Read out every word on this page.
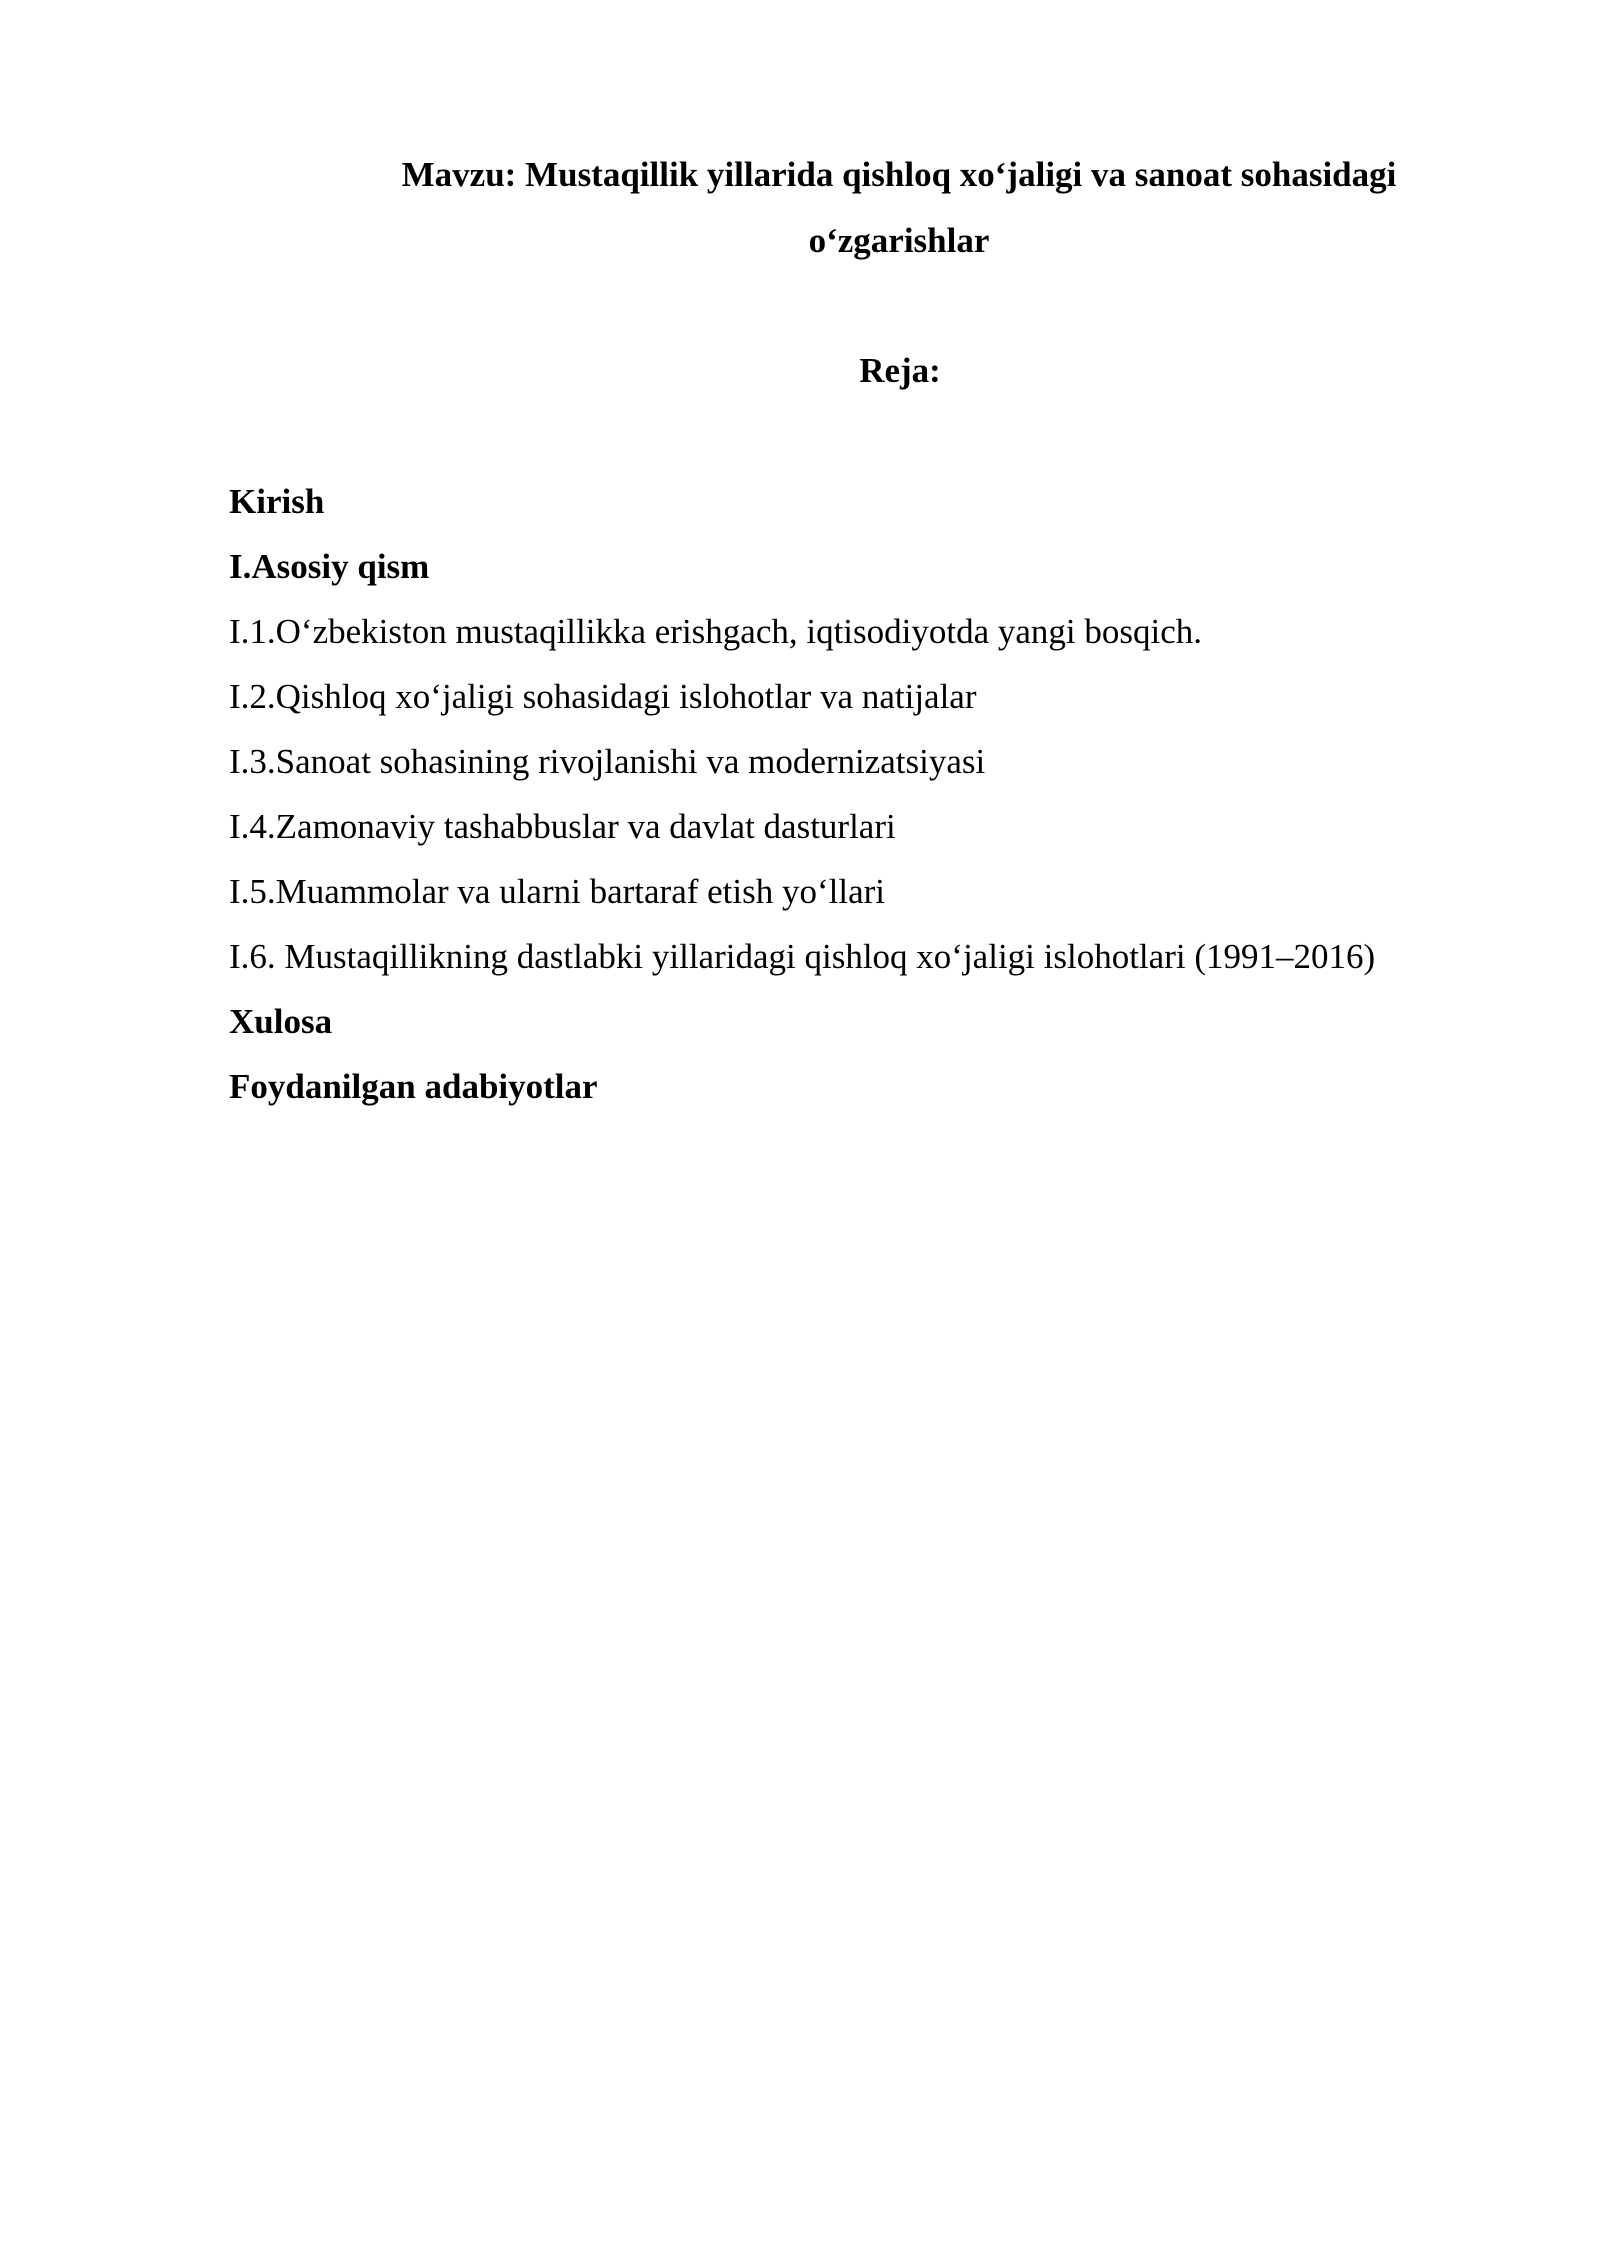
Mavzu: Mustaqillik yillarida qishloq xo‘jaligi va sanoat sohasidagi o‘zgarishlar
Reja:
Kirish
I.Asosiy qism
I.1.O‘zbekiston mustaqillikka erishgach, iqtisodiyotda yangi bosqich.
I.2.Qishloq xo‘jaligi sohasidagi islohotlar va natijalar
I.3.Sanoat sohasining rivojlanishi va modernizatsiyasi
I.4.Zamonaviy tashabbuslar va davlat dasturlari
I.5.Muammolar va ularni bartaraf etish yo‘llari
I.6. Mustaqillikning dastlabki yillaridagi qishloq xo‘jaligi islohotlari (1991–2016)
Xulosa
Foydanilgan adabiyotlar
